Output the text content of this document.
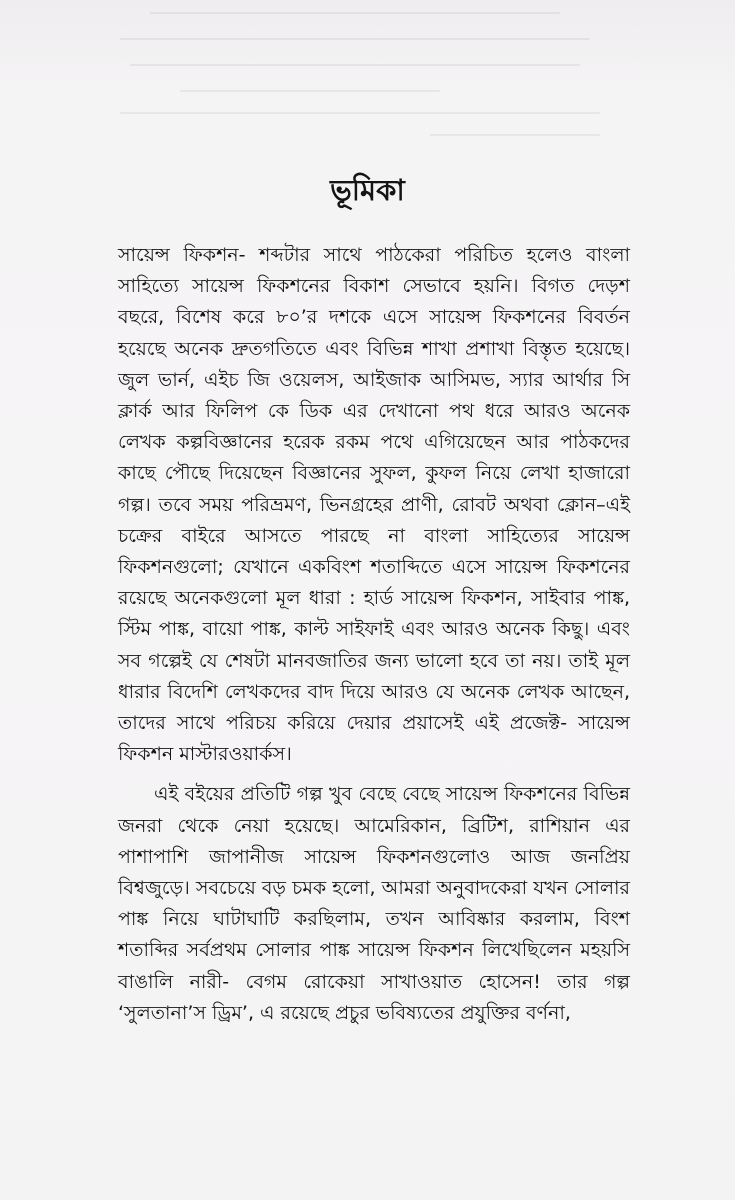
ভূমিকা

সায়েন্স ফিকশন- শব্দটার সাথে পাঠকেরা পরিচিত হলেও বাংলা সাহিত্যে সায়েন্স ফিকশনের বিকাশ সেভাবে হয়নি। বিগত দেড়শ বছরে, বিশেষ করে ৮০’র দশকে এসে সায়েন্স ফিকশনের বিবর্তন হয়েছে অনেক দ্রুতগতিতে এবং বিভিন্ন শাখা প্রশাখা বিস্তৃত হয়েছে। জুল ভার্ন, এইচ জি ওয়েলস, আইজাক আসিমভ, স্যার আর্থার সি ক্লার্ক আর ফিলিপ কে ডিক এর দেখানো পথ ধরে আরও অনেক লেখক কল্পবিজ্ঞানের হরেক রকম পথে এগিয়েছেন আর পাঠকদের কাছে পৌছে দিয়েছেন বিজ্ঞানের সুফল, কুফল নিয়ে লেখা হাজারো গল্প। তবে সময় পরিভ্রমণ, ভিনগ্রহের প্রাণী, রোবট অথবা ক্লোন–এই চক্রের বাইরে আসতে পারছে না বাংলা সাহিত্যের সায়েন্স ফিকশনগুলো; যেখানে একবিংশ শতাব্দিতে এসে সায়েন্স ফিকশনের রয়েছে অনেকগুলো মূল ধারা : হার্ড সায়েন্স ফিকশন, সাইবার পাঙ্ক, স্টিম পাঙ্ক, বায়ো পাঙ্ক, কাল্ট সাইফাই এবং আরও অনেক কিছু। এবং সব গল্পেই যে শেষটা মানবজাতির জন্য ভালো হবে তা নয়। তাই মূল ধারার বিদেশি লেখকদের বাদ দিয়ে আরও যে অনেক লেখক আছেন, তাদের সাথে পরিচয় করিয়ে দেয়ার প্রয়াসেই এই প্রজেক্ট- সায়েন্স ফিকশন মাস্টারওয়ার্কস।

এই বইয়ের প্রতিটি গল্প খুব বেছে বেছে সায়েন্স ফিকশনের বিভিন্ন জনরা থেকে নেয়া হয়েছে। আমেরিকান, ব্রিটিশ, রাশিয়ান এর পাশাপাশি জাপানীজ সায়েন্স ফিকশনগুলোও আজ জনপ্রিয় বিশ্বজুড়ে। সবচেয়ে বড় চমক হলো, আমরা অনুবাদকেরা যখন সোলার পাঙ্ক নিয়ে ঘাটাঘাটি করছিলাম, তখন আবিষ্কার করলাম, বিংশ শতাব্দির সর্বপ্রথম সোলার পাঙ্ক সায়েন্স ফিকশন লিখেছিলেন মহয়সি বাঙালি নারী- বেগম রোকেয়া সাখাওয়াত হোসেন! তার গল্প ‘সুলতানা’স ড্রিম’, এ রয়েছে প্রচুর ভবিষ্যতের প্রযুক্তির বর্ণনা,
